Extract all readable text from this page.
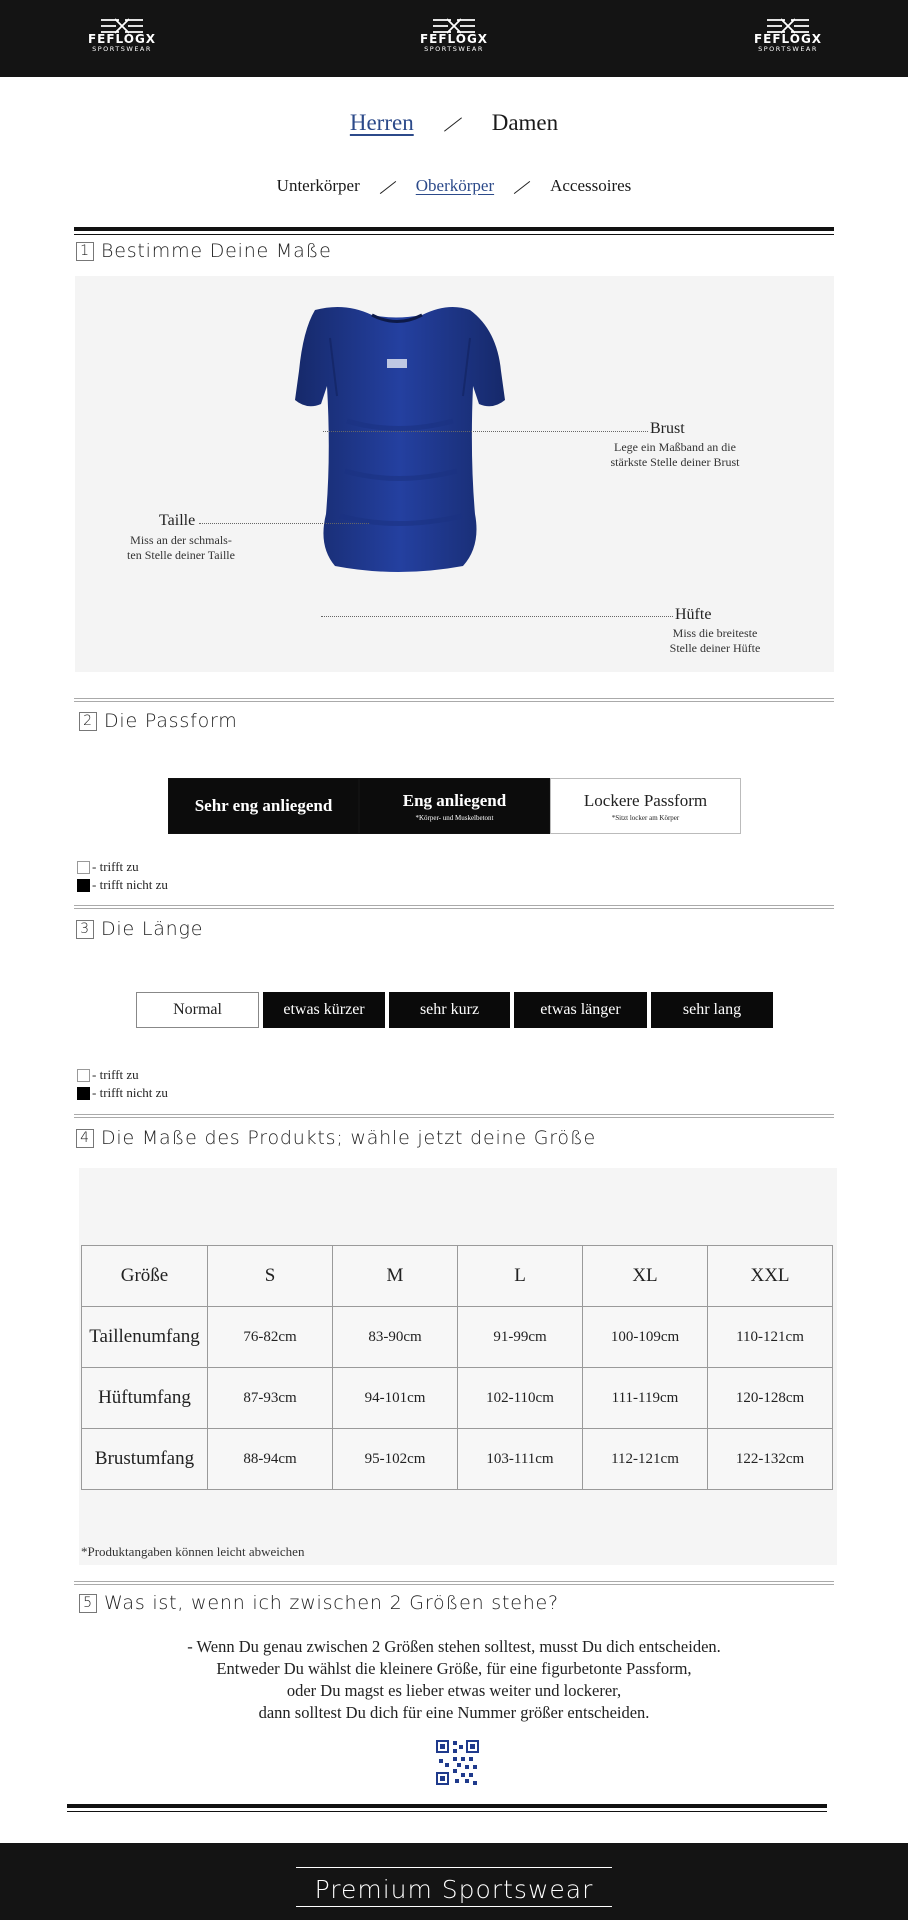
FEFLOGX
SPORTSWEAR
FEFLOGX
SPORTSWEAR
FEFLOGX
SPORTSWEAR
Herren	Damen
Unterkörper	Oberkörper	Accessoires
1 Bestimme Deine Maße
Brust
Lege ein Maßband an die
stärkste Stelle deiner Brust
Taille
Miss an der schmals-
ten Stelle deiner Taille
Hüfte
Miss die breiteste
Stelle deiner Hüfte
2 Die Passform
Sehr eng anliegend	Eng anliegend
*Körper- und Muskelbetont
Lockere Passform
*Sitzt locker am Körper
- trifft zu
- trifft nicht zu
3 Die Länge
Normal	etwas kürzer	sehr kurz	etwas länger	sehr lang
- trifft zu
- trifft nicht zu
4 Die Maße des Produkts; wähle jetzt deine Größe
Größe	S	M	L	XL	XXL
Taillenumfang	76-82cm	83-90cm	91-99cm	100-109cm	110-121cm
Hüftumfang	87-93cm	94-101cm	102-110cm	111-119cm	120-128cm
Brustumfang	88-94cm	95-102cm	103-111cm	112-121cm	122-132cm
*Produktangaben können leicht abweichen
5 Was ist, wenn ich zwischen 2 Größen stehe?
- Wenn Du genau zwischen 2 Größen stehen solltest, musst Du dich entscheiden.
Entweder Du wählst die kleinere Größe, für eine figurbetonte Passform,
oder Du magst es lieber etwas weiter und lockerer,
dann solltest Du dich für eine Nummer größer entscheiden.
Premium Sportswear
